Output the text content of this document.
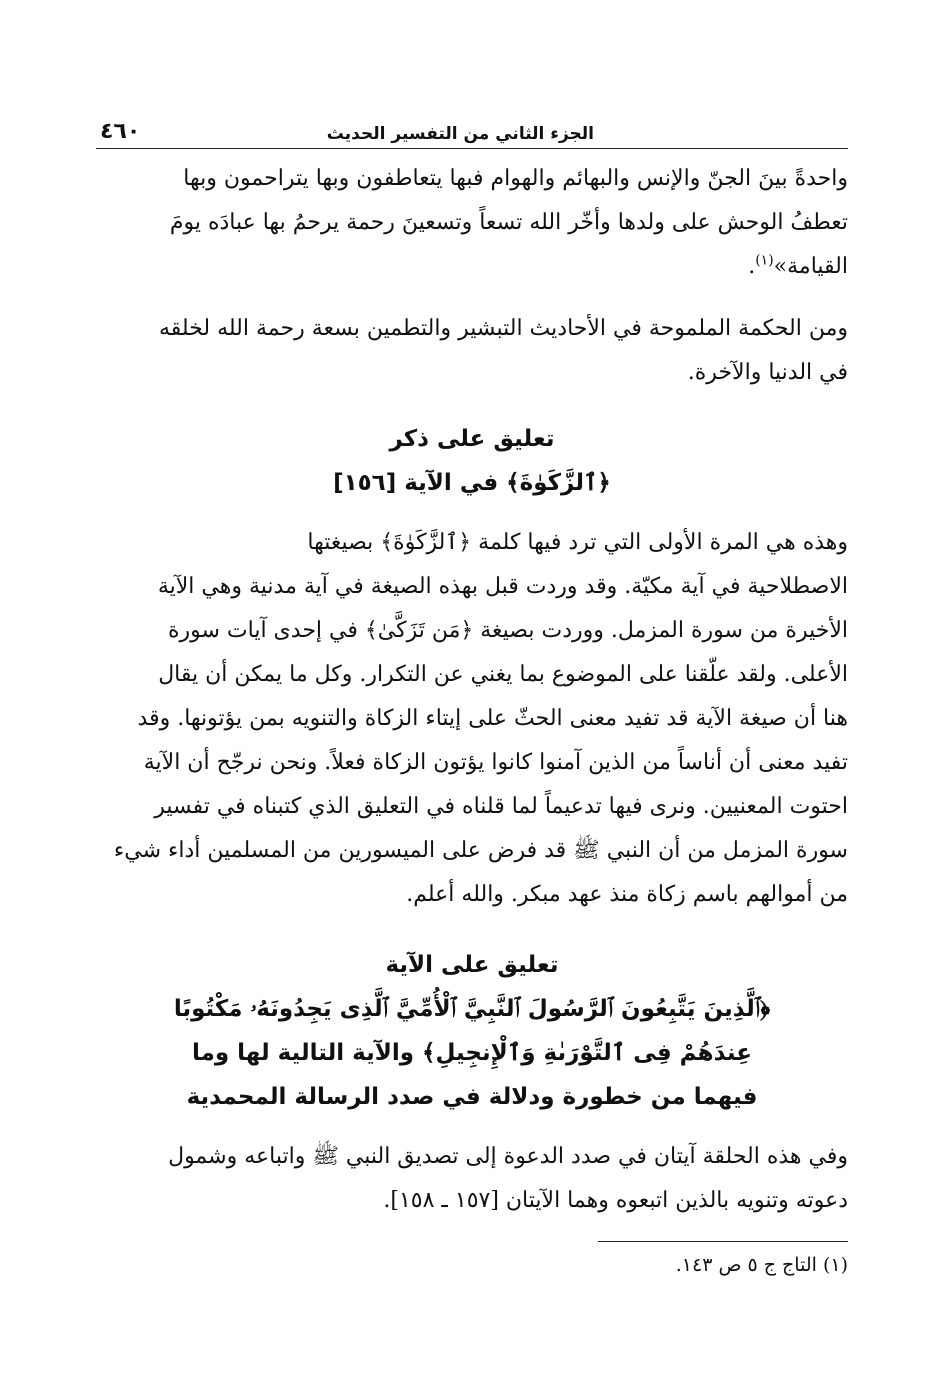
الجزء الثاني من التفسير الحديث
٤٦٠
واحدةً بينَ الجنّ والإنس والبهائم والهوام فبها يتعاطفون وبها يتراحمون وبها
تعطفُ الوحش على ولدها وأخّر الله تسعاً وتسعينَ رحمة يرحمُ بها عبادَه يومَ
القيامة»$^{(١)}$.
ومن الحكمة الملموحة في الأحاديث التبشير والتطمين بسعة رحمة الله لخلقه
في الدنيا والآخرة.
تعليق على ذكر
﴿ٱلزَّكَوٰةَ﴾ في الآية [١٥٦]
وهذه هي المرة الأولى التي ترد فيها كلمة ﴿ٱلزَّكَوٰةَ﴾ بصيغتها
الاصطلاحية في آية مكيّة. وقد وردت قبل بهذه الصيغة في آية مدنية وهي الآية
الأخيرة من سورة المزمل. ووردت بصيغة ﴿مَن تَزَكَّىٰ﴾ في إحدى آيات سورة
الأعلى. ولقد علّقنا على الموضوع بما يغني عن التكرار. وكل ما يمكن أن يقال
هنا أن صيغة الآية قد تفيد معنى الحثّ على إيتاء الزكاة والتنويه بمن يؤتونها. وقد
تفيد معنى أن أناساً من الذين آمنوا كانوا يؤتون الزكاة فعلاً. ونحن نرجّح أن الآية
احتوت المعنيين. ونرى فيها تدعيماً لما قلناه في التعليق الذي كتبناه في تفسير
سورة المزمل من أن النبي ﷺ قد فرض على الميسورين من المسلمين أداء شيء
من أموالهم باسم زكاة منذ عهد مبكر. والله أعلم.
تعليق على الآية
﴿ٱلَّذِينَ يَتَّبِعُونَ ٱلرَّسُولَ ٱلنَّبِيَّ ٱلْأُمِّيَّ ٱلَّذِى يَجِدُونَهُۥ مَكْتُوبًا
عِندَهُمْ فِى ٱلتَّوْرَىٰةِ وَٱلْإِنجِيلِ﴾ والآية التالية لها وما
فيهما من خطورة ودلالة في صدد الرسالة المحمدية
وفي هذه الحلقة آيتان في صدد الدعوة إلى تصديق النبي ﷺ واتباعه وشمول
دعوته وتنويه بالذين اتبعوه وهما الآيتان [١٥٧ ـ ١٥٨].
(١) التاج ج ٥ ص ١٤٣.
